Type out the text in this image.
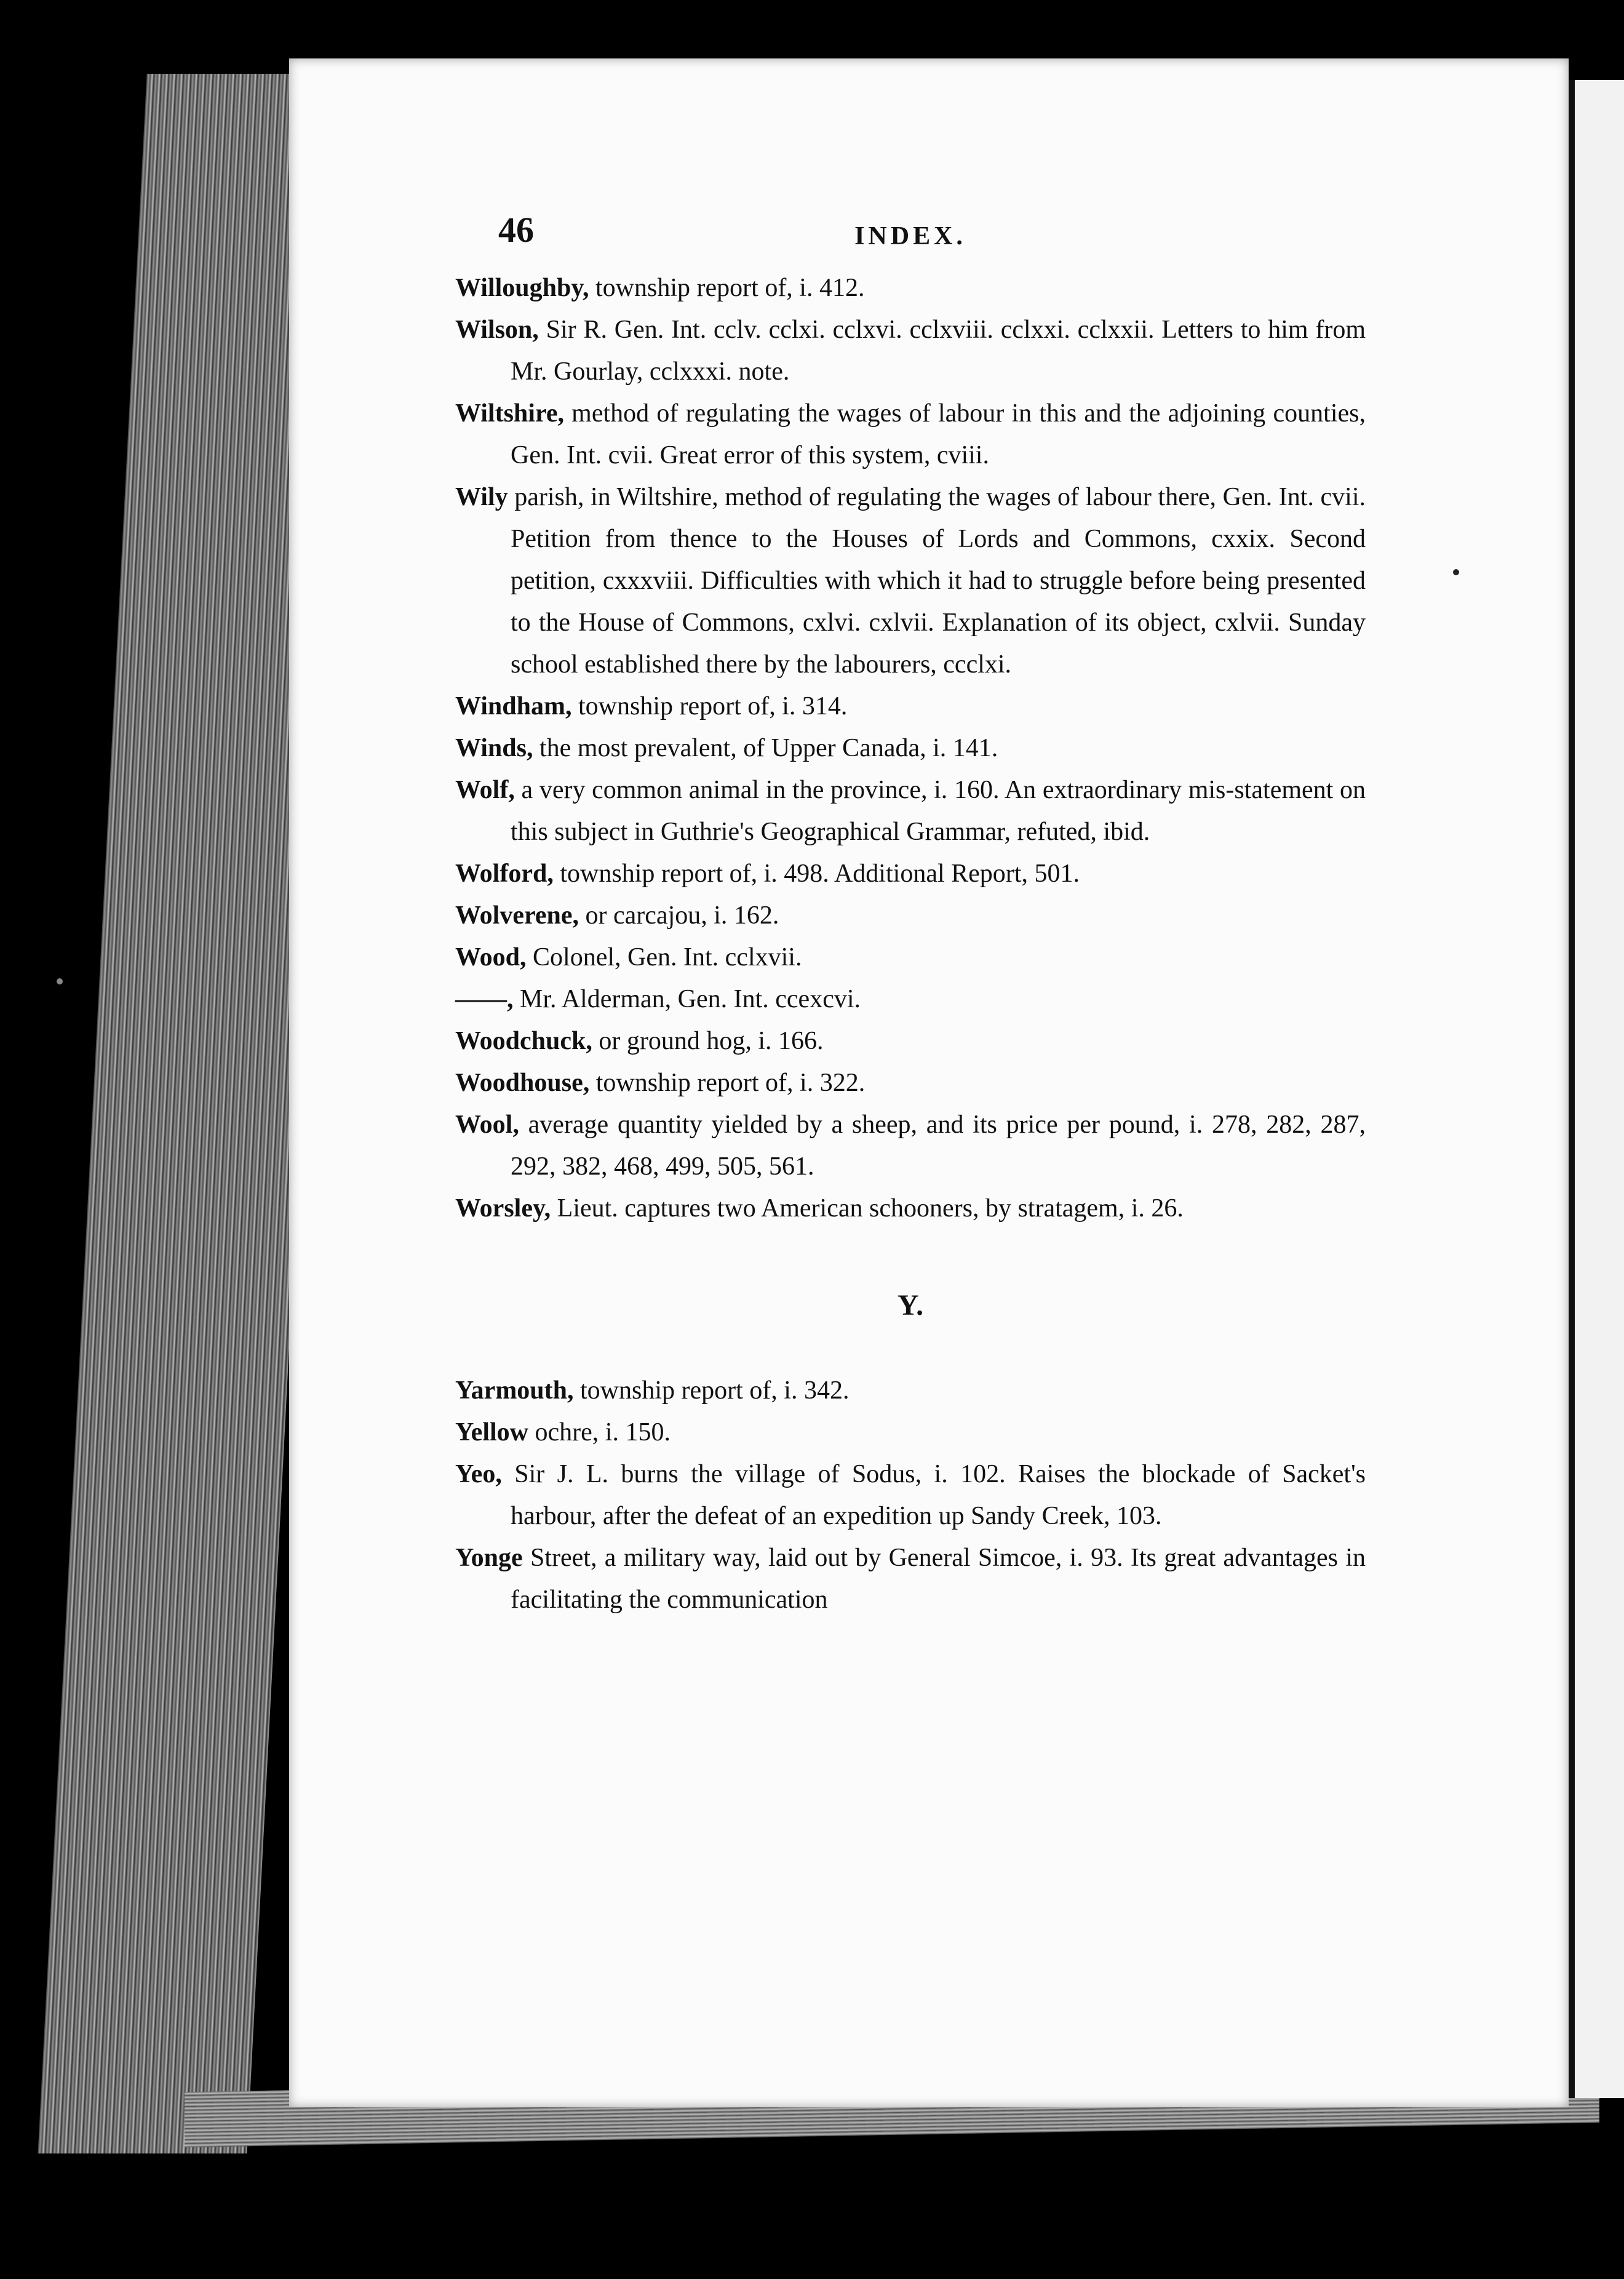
46	INDEX.

Willoughby, township report of, i. 412.

Wilson, Sir R. Gen. Int. cclv. cclxi. cclxvi. cclxviii. cclxxi. cclxxii. Letters to him from Mr. Gourlay, cclxxxi. note.

Wiltshire, method of regulating the wages of labour in this and the adjoining counties, Gen. Int. cvii. Great error of this system, cviii.

Wily parish, in Wiltshire, method of regulating the wages of labour there, Gen. Int. cvii. Petition from thence to the Houses of Lords and Commons, cxxix. Second petition, cxxxviii. Difficulties with which it had to struggle before being presented to the House of Commons, cxlvi. cxlvii. Explanation of its object, cxlvii. Sunday school established there by the labourers, ccclxi.

Windham, township report of, i. 314.

Winds, the most prevalent, of Upper Canada, i. 141.

Wolf, a very common animal in the province, i. 160. An extraordinary mis-statement on this subject in Guthrie's Geographical Grammar, refuted, ibid.

Wolford, township report of, i. 498. Additional Report, 501.

Wolverene, or carcajou, i. 162.

Wood, Colonel, Gen. Int. cclxvii.

——, Mr. Alderman, Gen. Int. ccexcvi.

Woodchuck, or ground hog, i. 166.

Woodhouse, township report of, i. 322.

Wool, average quantity yielded by a sheep, and its price per pound, i. 278, 282, 287, 292, 382, 468, 499, 505, 561.

Worsley, Lieut. captures two American schooners, by stratagem, i. 26.

Y.

Yarmouth, township report of, i. 342.

Yellow ochre, i. 150.

Yeo, Sir J. L. burns the village of Sodus, i. 102. Raises the blockade of Sacket's harbour, after the defeat of an expedition up Sandy Creek, 103.

Yonge Street, a military way, laid out by General Simcoe, i. 93. Its great advantages in facilitating the communication
